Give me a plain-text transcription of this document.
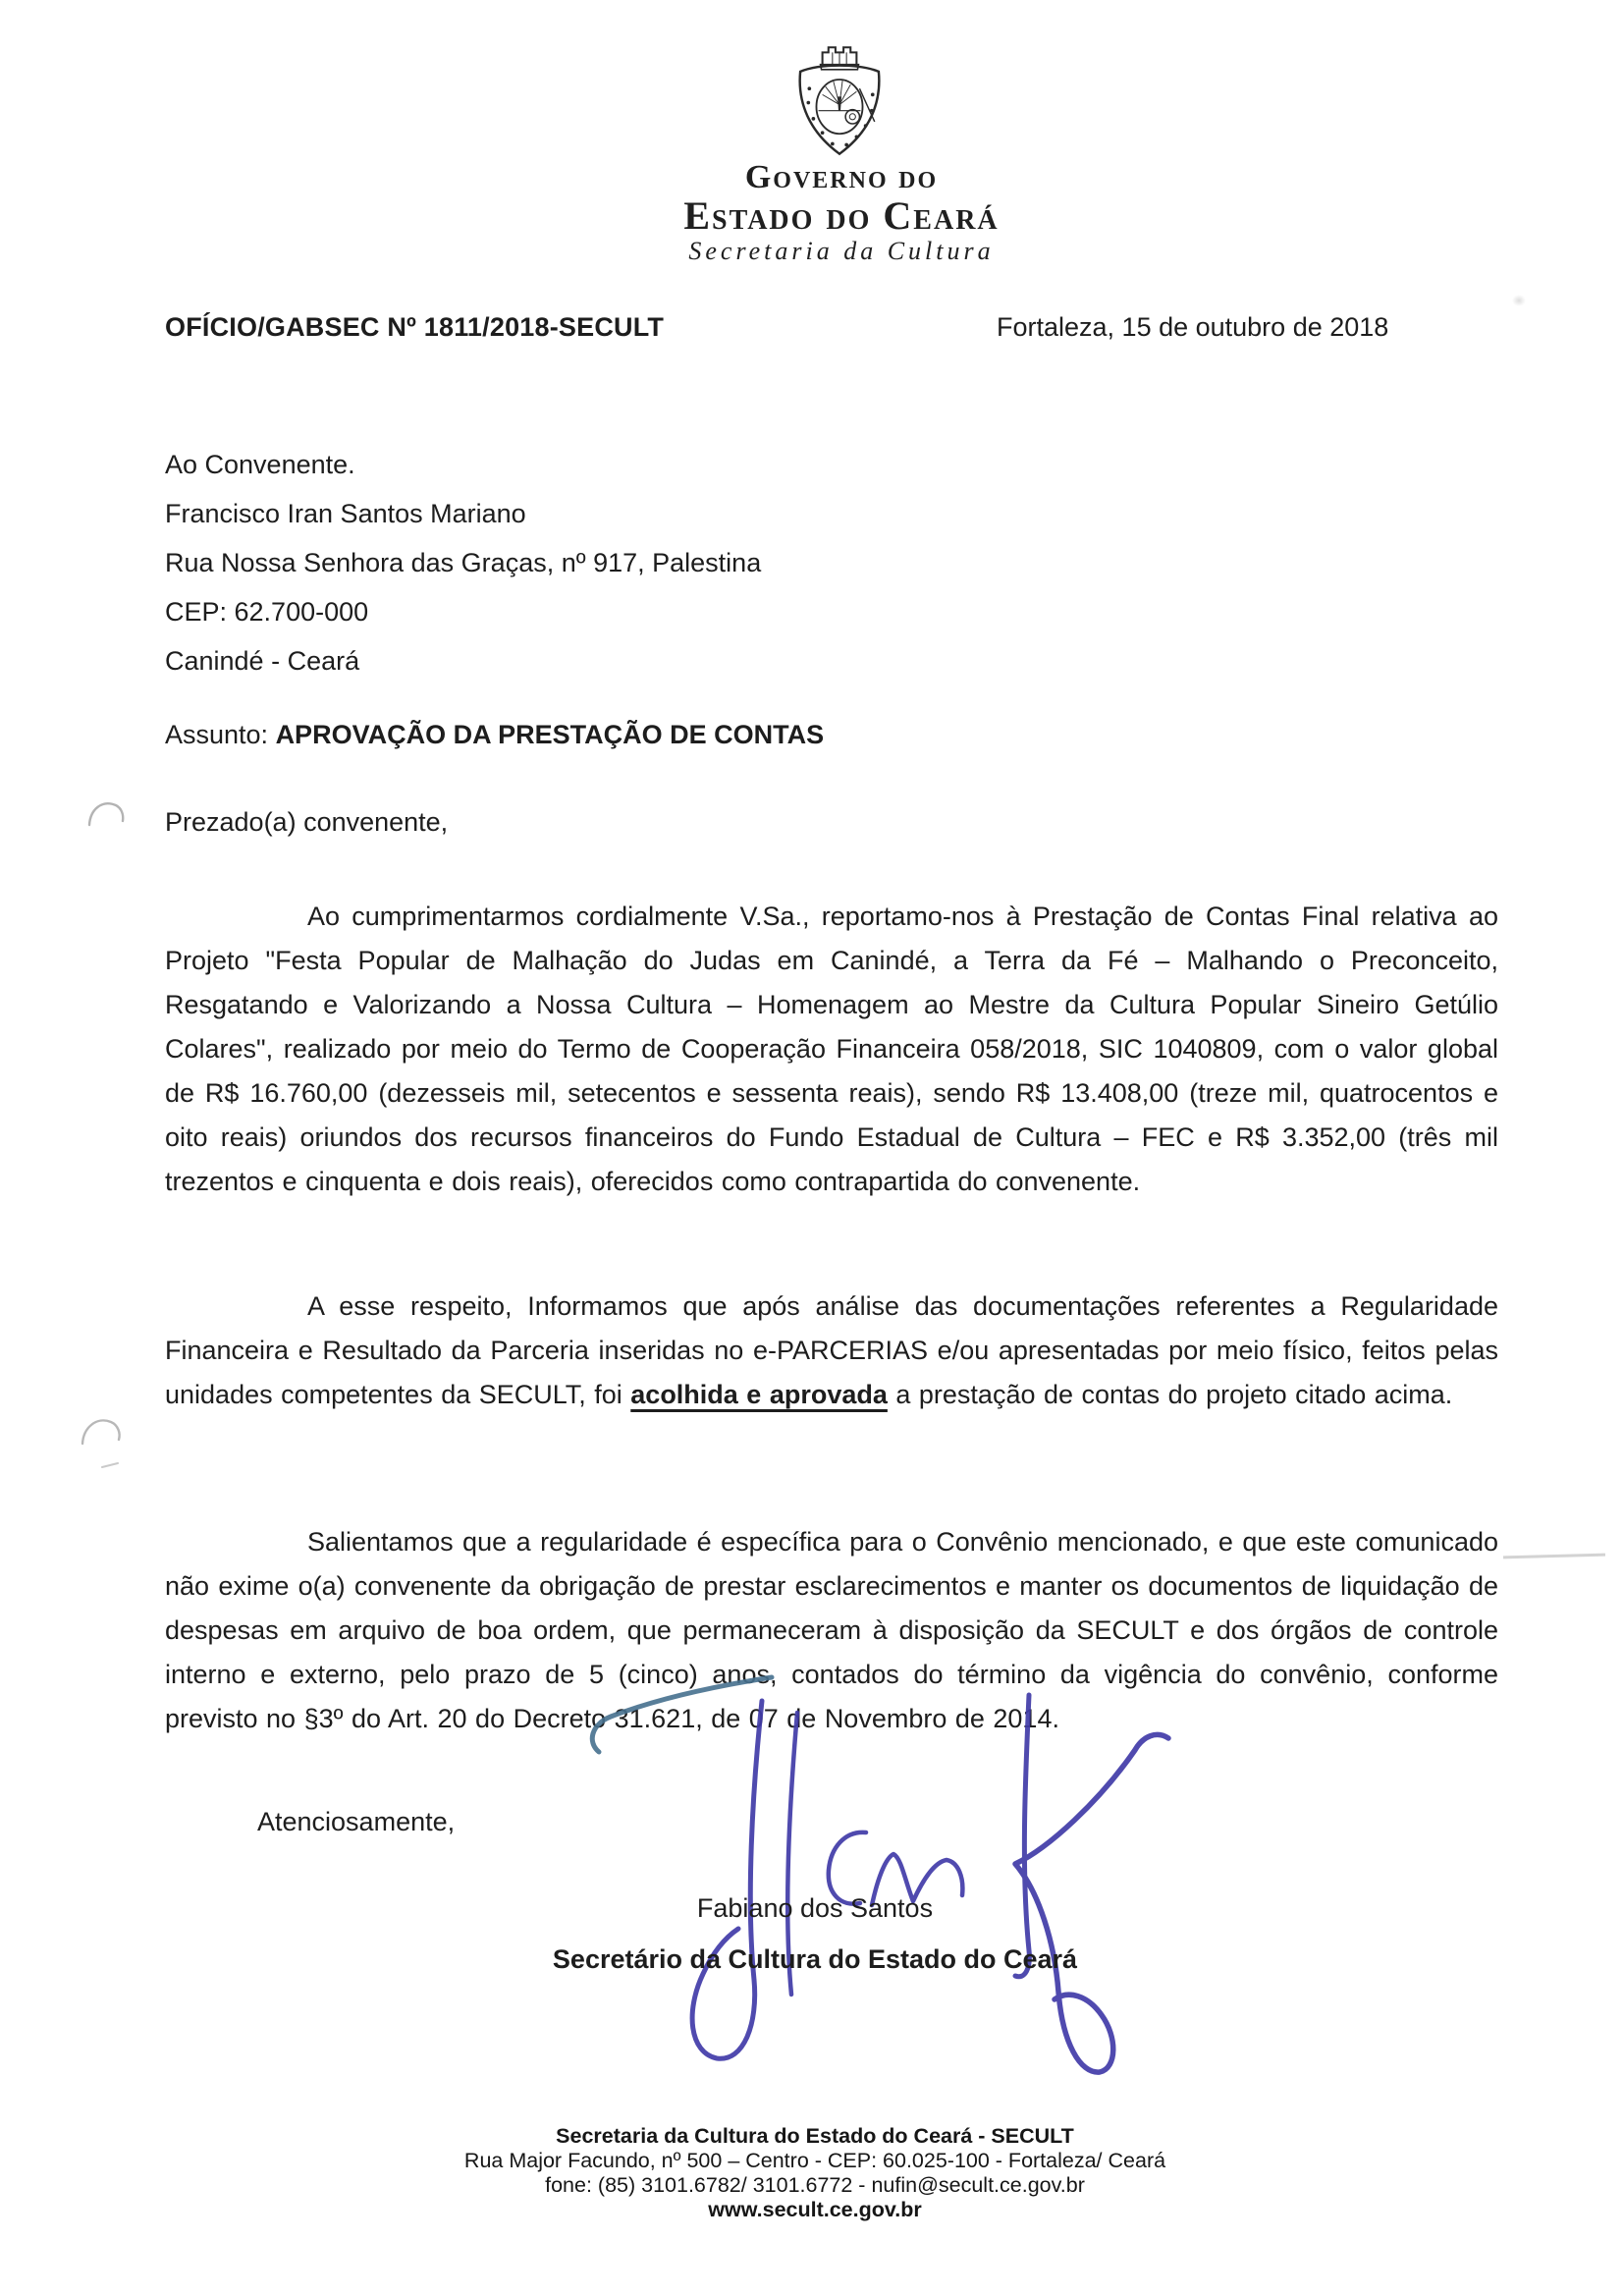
Governo do
Estado do Ceará
Secretaria da Cultura
OFÍCIO/GABSEC Nº 1811/2018-SECULT	Fortaleza, 15 de outubro de 2018
Ao Convenente.
Francisco Iran Santos Mariano
Rua Nossa Senhora das Graças, nº 917, Palestina
CEP: 62.700-000
Canindé - Ceará
Assunto: APROVAÇÃO DA PRESTAÇÃO DE CONTAS
Prezado(a) convenente,

Ao cumprimentarmos cordialmente V.Sa., reportamo-nos à Prestação de Contas Final relativa ao Projeto "Festa Popular de Malhação do Judas em Canindé, a Terra da Fé – Malhando o Preconceito, Resgatando e Valorizando a Nossa Cultura – Homenagem ao Mestre da Cultura Popular Sineiro Getúlio Colares", realizado por meio do Termo de Cooperação Financeira 058/2018, SIC 1040809, com o valor global de R$ 16.760,00 (dezesseis mil, setecentos e sessenta reais), sendo R$ 13.408,00 (treze mil, quatrocentos e oito reais) oriundos dos recursos financeiros do Fundo Estadual de Cultura – FEC e R$ 3.352,00 (três mil trezentos e cinquenta e dois reais), oferecidos como contrapartida do convenente.

A esse respeito, Informamos que após análise das documentações referentes a Regularidade Financeira e Resultado da Parceria inseridas no e-PARCERIAS e/ou apresentadas por meio físico, feitos pelas unidades competentes da SECULT, foi acolhida e aprovada a prestação de contas do projeto citado acima.

Salientamos que a regularidade é específica para o Convênio mencionado, e que este comunicado não exime o(a) convenente da obrigação de prestar esclarecimentos e manter os documentos de liquidação de despesas em arquivo de boa ordem, que permaneceram à disposição da SECULT e dos órgãos de controle interno e externo, pelo prazo de 5 (cinco) anos, contados do término da vigência do convênio, conforme previsto no §3º do Art. 20 do Decreto 31.621, de 07 de Novembro de 2014.

Atenciosamente,
Fabiano dos Santos
Secretário da Cultura do Estado do Ceará
Secretaria da Cultura do Estado do Ceará - SECULT
Rua Major Facundo, nº 500 – Centro - CEP: 60.025-100 - Fortaleza/ Ceará
fone: (85) 3101.6782/ 3101.6772 - nufin@secult.ce.gov.br
www.secult.ce.gov.br
